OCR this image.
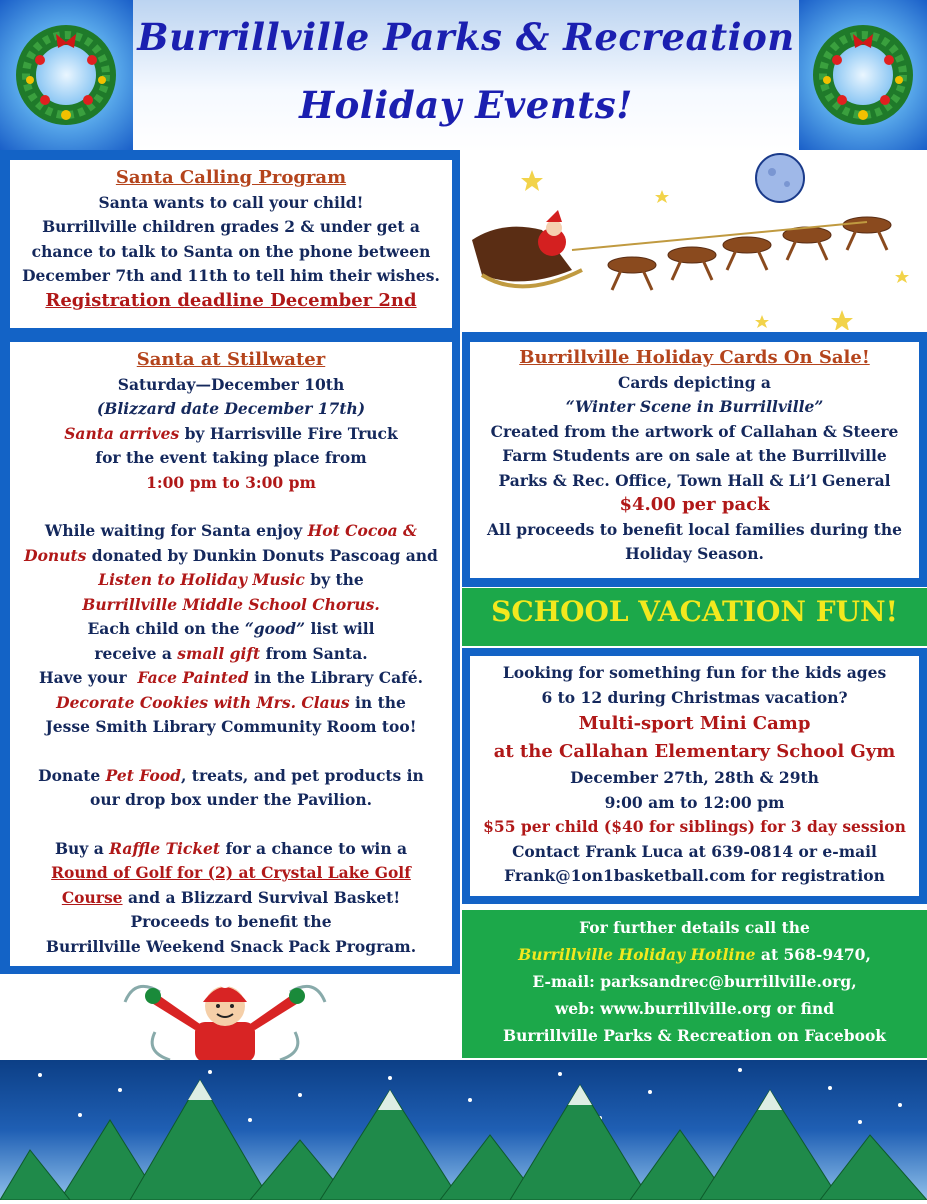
Burrillville Parks & Recreation
Holiday Events!
Santa Calling Program
Santa wants to call your child!
Burrillville children grades 2 & under get a
chance to talk to Santa on the phone between
December 7th and 11th to tell him their wishes.
Registration deadline December 2nd
Santa at Stillwater
Saturday—December 10th
(Blizzard date December 17th)
Santa arrives by Harrisville Fire Truck
for the event taking place from
1:00 pm to 3:00 pm
While waiting for Santa enjoy Hot Cocoa &
Donuts donated by Dunkin Donuts Pascoag and
Listen to Holiday Music by the
Burrillville Middle School Chorus.
Each child on the “good” list will
receive a small gift from Santa.
Have your  Face Painted in the Library Café.
Decorate Cookies with Mrs. Claus in the
Jesse Smith Library Community Room too!
Donate Pet Food, treats, and pet products in
our drop box under the Pavilion.
Buy a Raffle Ticket for a chance to win a
Round of Golf for (2) at Crystal Lake Golf
Course and a Blizzard Survival Basket!
Proceeds to benefit the
Burrillville Weekend Snack Pack Program.
Burrillville Holiday Cards On Sale!
Cards depicting a
“Winter Scene in Burrillville”
Created from the artwork of Callahan & Steere
Farm Students are on sale at the Burrillville
Parks & Rec. Office, Town Hall & Li’l General
$4.00 per pack
All proceeds to benefit local families during the
Holiday Season.
SCHOOL VACATION FUN!
Looking for something fun for the kids ages
6 to 12 during Christmas vacation?
Multi-sport Mini Camp
at the Callahan Elementary School Gym
December 27th, 28th & 29th
9:00 am to 12:00 pm
$55 per child ($40 for siblings) for 3 day session
Contact Frank Luca at 639-0814 or e-mail
Frank@1on1basketball.com for registration
For further details call the
Burrillville Holiday Hotline at 568-9470,
E-mail: parksandrec@burrillville.org,
web: www.burrillville.org or find
Burrillville Parks & Recreation on Facebook
